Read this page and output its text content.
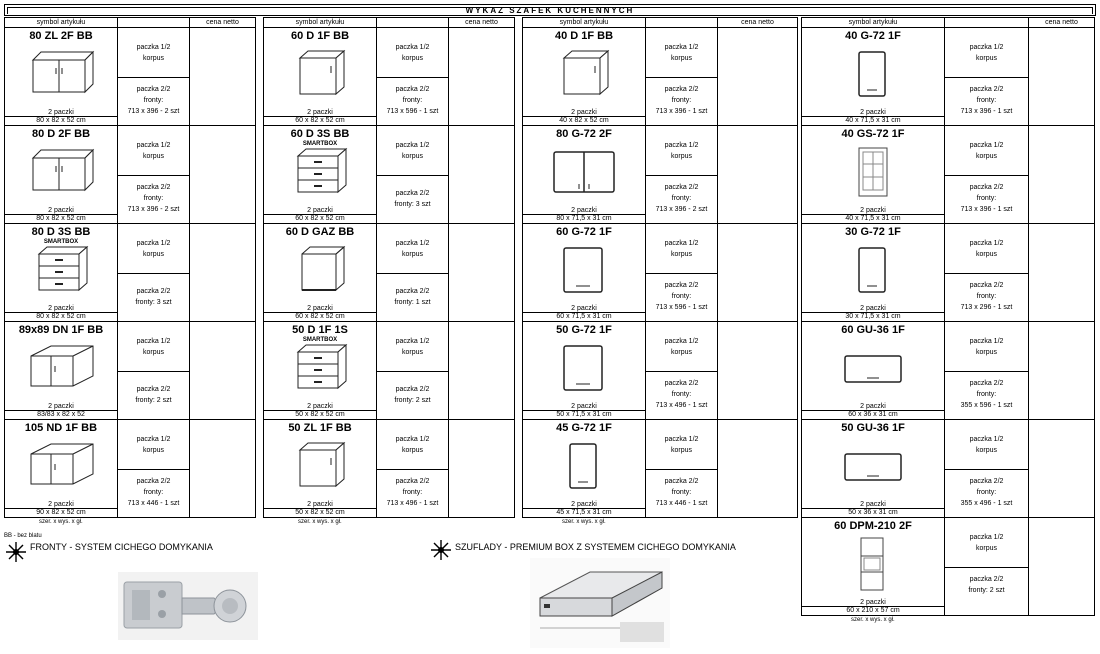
WYKAZ SZAFEK KUCHENNYCH
symbol artykułu	cena netto
80 ZL 2F BB
2 paczki
80 x 82 x 52 cm
paczka 1/2
korpus
paczka 2/2
fronty:
713 x 396 - 2 szt
80 D 2F BB
2 paczki
80 x 82 x 52 cm
paczka 1/2
korpus
paczka 2/2
fronty:
713 x 396 - 2 szt
80 D 3S BB
SMARTBOX
2 paczki
80 x 82 x 52 cm
paczka 1/2
korpus
paczka 2/2
fronty: 3 szt
89x89 DN 1F BB
2 paczki
83/83 x 82 x 52
paczka 1/2
korpus
paczka 2/2
fronty: 2 szt
105 ND 1F BB
2 paczki
90 x 82 x 52 cm
paczka 1/2
korpus
paczka 2/2
fronty:
713 x 446 - 1 szt
szer. x wys. x gł.
symbol artykułu	cena netto
60 D 1F BB
2 paczki
60 x 82 x 52 cm
paczka 1/2
korpus
paczka 2/2
fronty:
713 x 596 - 1 szt
60 D 3S BB
SMARTBOX
2 paczki
60 x 82 x 52 cm
paczka 1/2
korpus
paczka 2/2
fronty: 3 szt
60 D GAZ BB
2 paczki
60 x 82 x 52 cm
paczka 1/2
korpus
paczka 2/2
fronty: 1 szt
50 D 1F 1S
SMARTBOX
2 paczki
50 x 82 x 52 cm
paczka 1/2
korpus
paczka 2/2
fronty: 2 szt
50 ZL 1F BB
2 paczki
50 x 82 x 52 cm
paczka 1/2
korpus
paczka 2/2
fronty:
713 x 496 - 1 szt
szer. x wys. x gł.
symbol artykułu	cena netto
40 D 1F BB
2 paczki
40 x 82 x 52 cm
paczka 1/2
korpus
paczka 2/2
fronty:
713 x 396 - 1 szt
80 G-72 2F
2 paczki
80 x 71,5 x 31 cm
paczka 1/2
korpus
paczka 2/2
fronty:
713 x 396 - 2 szt
60 G-72 1F
2 paczki
60 x 71,5 x 31 cm
paczka 1/2
korpus
paczka 2/2
fronty:
713 x 596 - 1 szt
50 G-72 1F
2 paczki
50 x 71,5 x 31 cm
paczka 1/2
korpus
paczka 2/2
fronty:
713 x 496 - 1 szt
45 G-72 1F
2 paczki
45 x 71,5 x 31 cm
paczka 1/2
korpus
paczka 2/2
fronty:
713 x 446 - 1 szt
szer. x wys. x gł.
symbol artykułu	cena netto
40 G-72 1F
2 paczki
40 x 71,5 x 31 cm
paczka 1/2
korpus
paczka 2/2
fronty:
713 x 396 - 1 szt
40 GS-72 1F
2 paczki
40 x 71,5 x 31 cm
paczka 1/2
korpus
paczka 2/2
fronty:
713 x 396 - 1 szt
30 G-72 1F
2 paczki
30 x 71,5 x 31 cm
paczka 1/2
korpus
paczka 2/2
fronty:
713 x 296 - 1 szt
60 GU-36 1F
2 paczki
60 x 36 x 31 cm
paczka 1/2
korpus
paczka 2/2
fronty:
355 x 596 - 1 szt
50 GU-36 1F
2 paczki
50 x 36 x 31 cm
paczka 1/2
korpus
paczka 2/2
fronty:
355 x 496 - 1 szt
60 DPM-210 2F
2 paczki
60 x 210 x 57 cm
paczka 1/2
korpus
paczka 2/2
fronty: 2 szt
szer. x wys. x gł.
BB - bez blatu
FRONTY - SYSTEM CICHEGO DOMYKANIA	SZUFLADY - PREMIUM BOX Z SYSTEMEM CICHEGO DOMYKANIA
